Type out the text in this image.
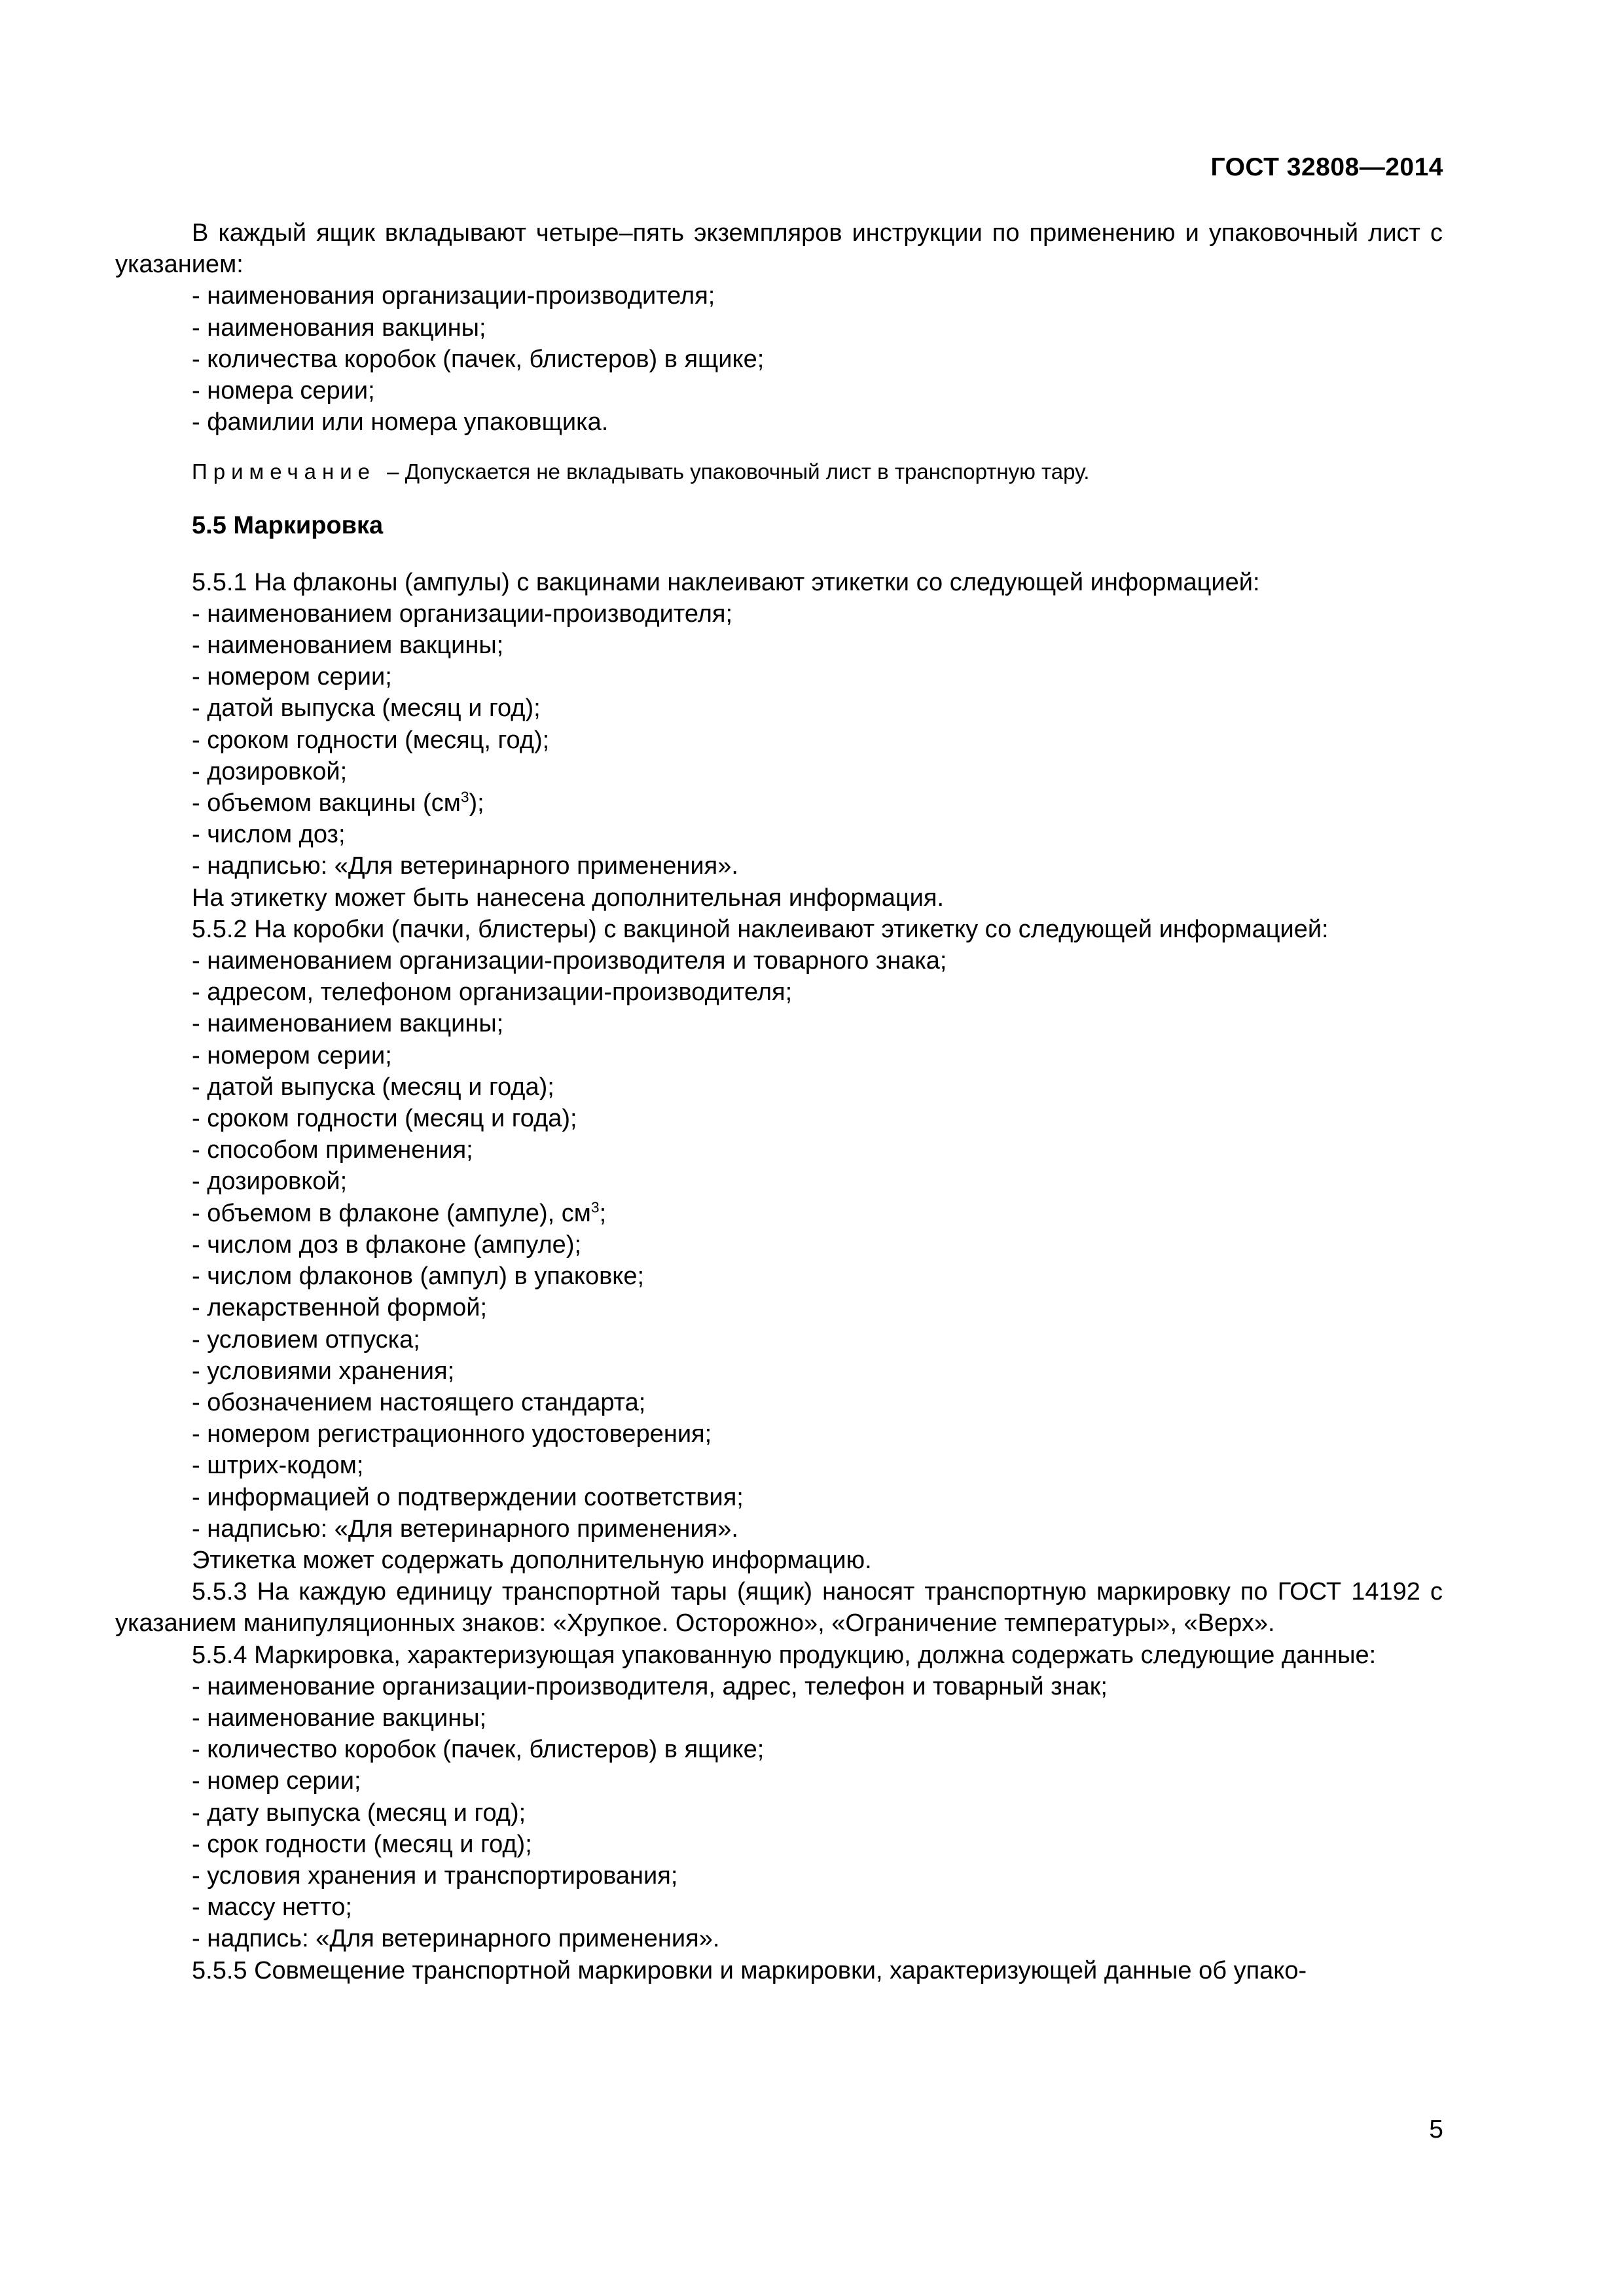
ГОСТ 32808—2014

В каждый ящик вкладывают четыре–пять экземпляров инструкции по применению и упаковочный лист с указанием:

- наименования организации-производителя;

- наименования вакцины;

- количества коробок (пачек, блистеров) в ящике;

- номера серии;

- фамилии или номера упаковщика.

Примечание – Допускается не вкладывать упаковочный лист в транспортную тару.

5.5 Маркировка

5.5.1 На флаконы (ампулы) с вакцинами наклеивают этикетки со следующей информацией:

- наименованием организации-производителя;

- наименованием вакцины;

- номером серии;

- датой выпуска (месяц и год);

- сроком годности (месяц, год);

- дозировкой;

- объемом вакцины $(см^3)$;

- числом доз;

- надписью: «Для ветеринарного применения».

На этикетку может быть нанесена дополнительная информация.

5.5.2 На коробки (пачки, блистеры) с вакциной наклеивают этикетку со следующей информацией:

- наименованием организации-производителя и товарного знака;

- адресом, телефоном организации-производителя;

- наименованием вакцины;

- номером серии;

- датой выпуска (месяц и года);

- сроком годности (месяц и года);

- способом применения;

- дозировкой;

- объемом в флаконе (ампуле), $см^3$;

- числом доз в флаконе (ампуле);

- числом флаконов (ампул) в упаковке;

- лекарственной формой;

- условием отпуска;

- условиями хранения;

- обозначением настоящего стандарта;

- номером регистрационного удостоверения;

- штрих-кодом;

- информацией о подтверждении соответствия;

- надписью: «Для ветеринарного применения».

Этикетка может содержать дополнительную информацию.

5.5.3 На каждую единицу транспортной тары (ящик) наносят транспортную маркировку по ГОСТ 14192 с указанием манипуляционных знаков: «Хрупкое. Осторожно», «Ограничение температуры», «Верх».

5.5.4 Маркировка, характеризующая упакованную продукцию, должна содержать следующие данные:

- наименование организации-производителя, адрес, телефон и товарный знак;

- наименование вакцины;

- количество коробок (пачек, блистеров) в ящике;

- номер серии;

- дату выпуска (месяц и год);

- срок годности (месяц и год);

- условия хранения и транспортирования;

- массу нетто;

- надпись: «Для ветеринарного применения».

5.5.5 Совмещение транспортной маркировки и маркировки, характеризующей данные об упако-

5
